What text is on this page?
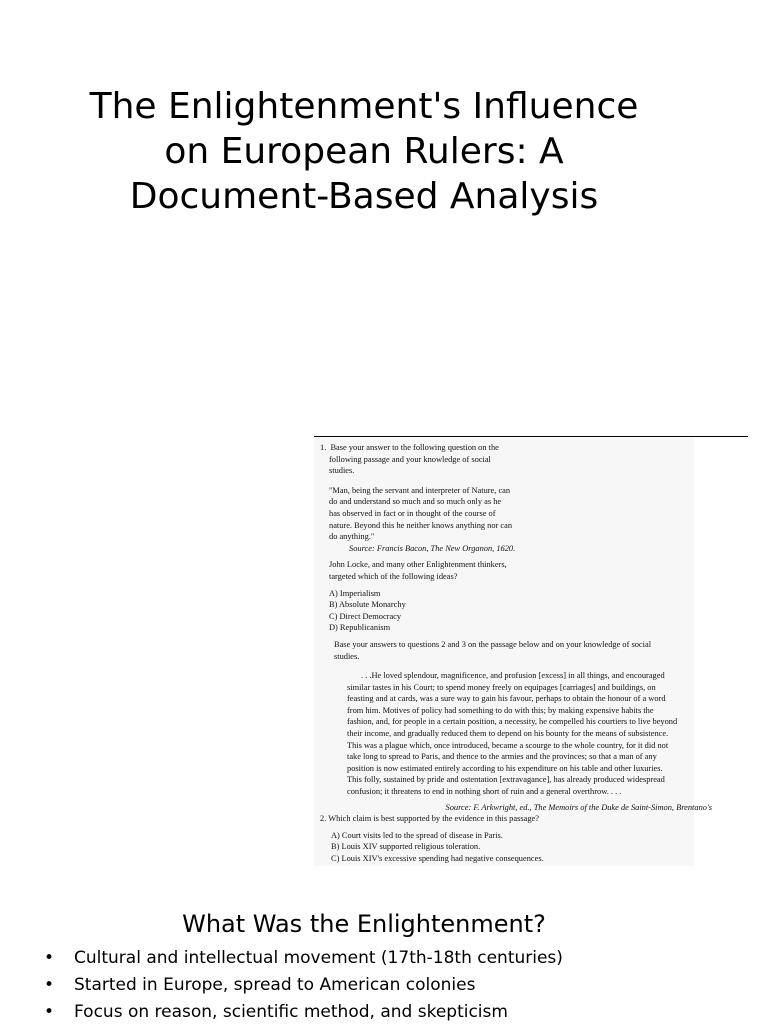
The Enlightenment's Influence
on European Rulers: A
Document-Based Analysis
1. Base your answer to the following question on the
following passage and your knowledge of social
studies.
"Man, being the servant and interpreter of Nature, can
do and understand so much and so much only as he
has observed in fact or in thought of the course of
nature. Beyond this he neither knows anything nor can
do anything."
Source: Francis Bacon, The New Organon, 1620.
John Locke, and many other Enlightenment thinkers,
targeted which of the following ideas?
A) Imperialism
B) Absolute Monarchy
C) Direct Democracy
D) Republicanism
Base your answers to questions 2 and 3 on the passage below and on your knowledge of social
studies.
. . .He loved splendour, magnificence, and profusion [excess] in all things, and encouraged
similar tastes in his Court; to spend money freely on equipages [carriages] and buildings, on
feasting and at cards, was a sure way to gain his favour, perhaps to obtain the honour of a word
from him. Motives of policy had something to do with this; by making expensive habits the
fashion, and, for people in a certain position, a necessity, he compelled his courtiers to live beyond
their income, and gradually reduced them to depend on his bounty for the means of subsistence.
This was a plague which, once introduced, became a scourge to the whole country, for it did not
take long to spread to Paris, and thence to the armies and the provinces; so that a man of any
position is now estimated entirely according to his expenditure on his table and other luxuries.
This folly, sustained by pride and ostentation [extravagance], has already produced widespread
confusion; it threatens to end in nothing short of ruin and a general overthrow. . . .
Source: F. Arkwright, ed., The Memoirs of the Duke de Saint-Simon, Brentano's
2. Which claim is best supported by the evidence in this passage?
A) Court visits led to the spread of disease in Paris.
B) Louis XIV supported religious toleration.
C) Louis XIV's excessive spending had negative consequences.
What Was the Enlightenment?
• Cultural and intellectual movement (17th-18th centuries)
• Started in Europe, spread to American colonies
• Focus on reason, scientific method, and skepticism
